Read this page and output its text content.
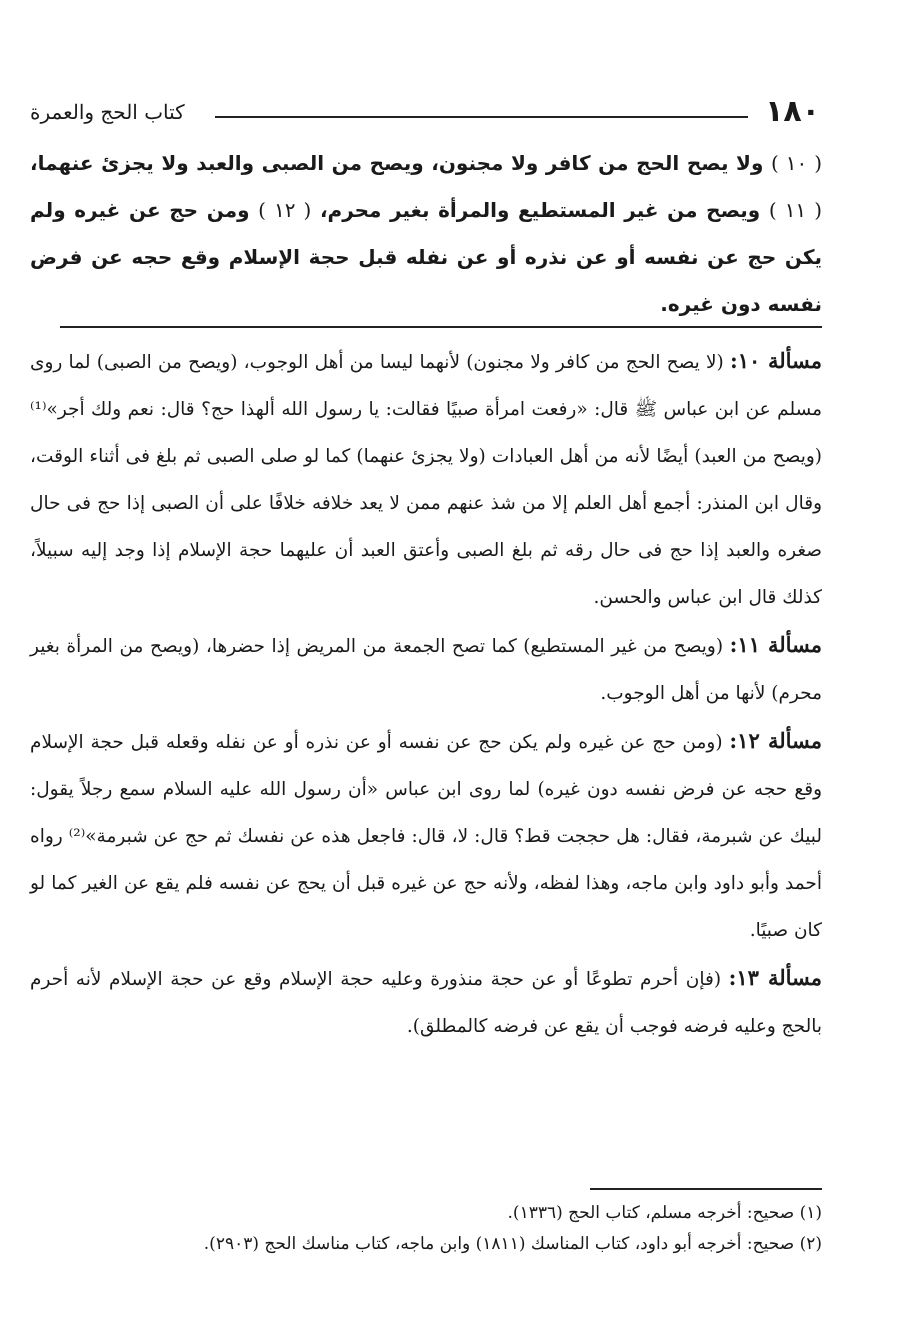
١٨٠
كتاب الحج والعمرة
( ١٠ ) ولا يصح الحج من كافر ولا مجنون، ويصح من الصبى والعبد ولا يجزئ عنهما، ( ١١ ) ويصح من غير المستطيع والمرأة بغير محرم، ( ١٢ ) ومن حج عن غيره ولم يكن حج عن نفسه أو عن نذره أو عن نفله قبل حجة الإسلام وقع حجه عن فرض نفسه دون غيره.

مسألة ١٠: (لا يصح الحج من كافر ولا مجنون) لأنهما ليسا من أهل الوجوب، (ويصح من الصبى) لما روى مسلم عن ابن عباس ﷺ قال: «رفعت امرأة صبيًا فقالت: يا رسول الله ألهذا حج؟ قال: نعم ولك أجر»⁽¹⁾ (ويصح من العبد) أيضًا لأنه من أهل العبادات (ولا يجزئ عنهما) كما لو صلى الصبى ثم بلغ فى أثناء الوقت، وقال ابن المنذر: أجمع أهل العلم إلا من شذ عنهم ممن لا يعد خلافه خلافًا على أن الصبى إذا حج فى حال صغره والعبد إذا حج فى حال رقه ثم بلغ الصبى وأعتق العبد أن عليهما حجة الإسلام إذا وجد إليه سبيلاً، كذلك قال ابن عباس والحسن.

مسألة ١١: (ويصح من غير المستطيع) كما تصح الجمعة من المريض إذا حضرها، (ويصح من المرأة بغير محرم) لأنها من أهل الوجوب.

مسألة ١٢: (ومن حج عن غيره ولم يكن حج عن نفسه أو عن نذره أو عن نفله وقعله قبل حجة الإسلام وقع حجه عن فرض نفسه دون غيره) لما روى ابن عباس «أن رسول الله عليه السلام سمع رجلاً يقول: لبيك عن شبرمة، فقال: هل حججت قط؟ قال: لا، قال: فاجعل هذه عن نفسك ثم حج عن شبرمة»⁽²⁾ رواه أحمد وأبو داود وابن ماجه، وهذا لفظه، ولأنه حج عن غيره قبل أن يحج عن نفسه فلم يقع عن الغير كما لو كان صبيًا.

مسألة ١٣: (فإن أحرم تطوعًا أو عن حجة منذورة وعليه حجة الإسلام وقع عن حجة الإسلام لأنه أحرم بالحج وعليه فرضه فوجب أن يقع عن فرضه كالمطلق).

(١) صحيح: أخرجه مسلم، كتاب الحج (١٣٣٦).

(٢) صحيح: أخرجه أبو داود، كتاب المناسك (١٨١١) وابن ماجه، كتاب مناسك الحج (٢٩٠٣).
